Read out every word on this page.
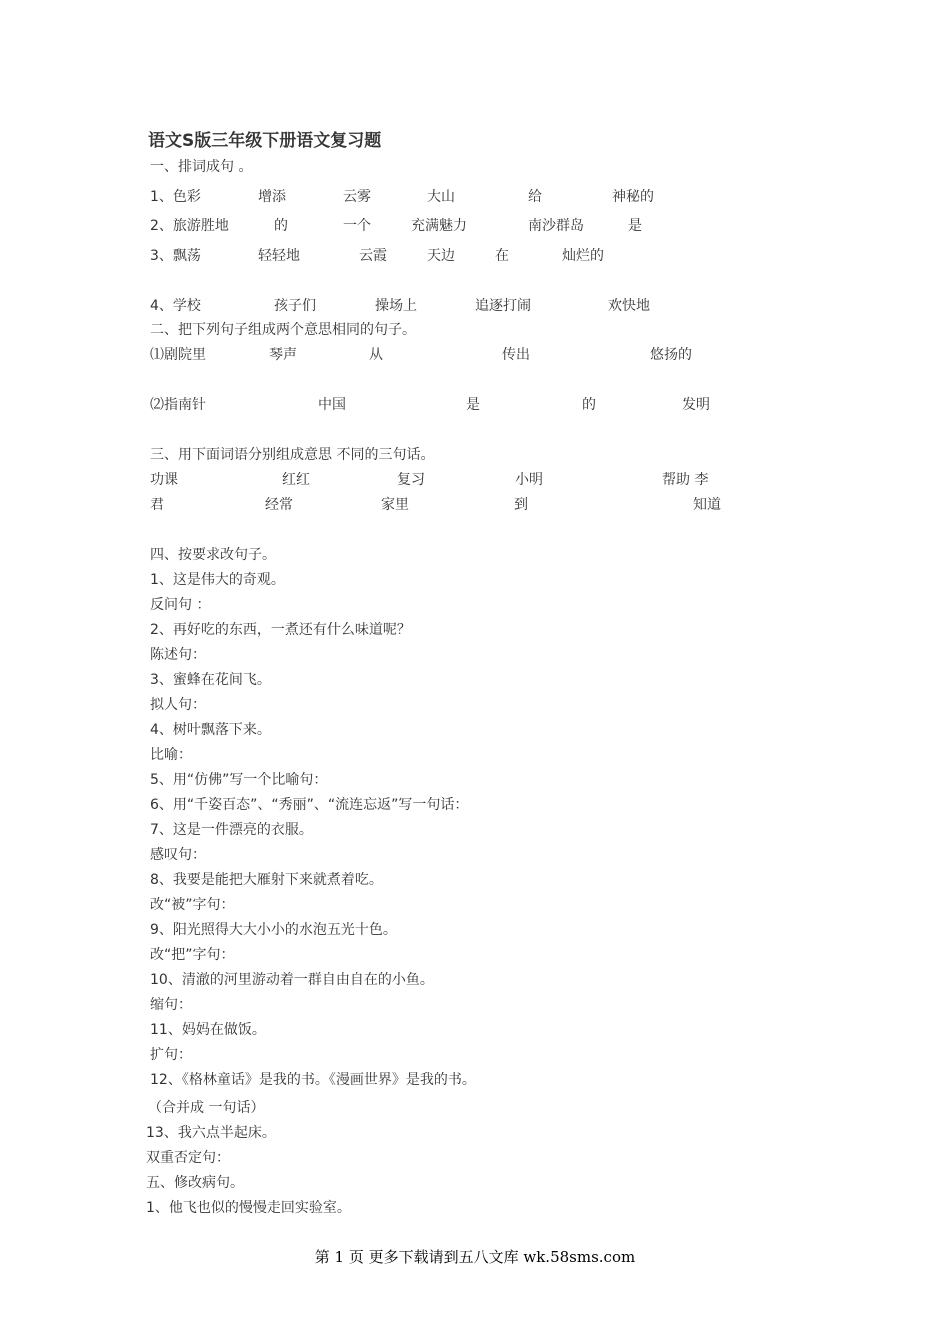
语文S版三年级下册语文复习题
一、排词成句 。
1、色彩	增添	云雾	大山	给	神秘的
2、旅游胜地	的	一个	充满魅力	南沙群岛	是
3、飘荡	轻轻地	云霞	天边	在	灿烂的
4、学校	孩子们	操场上	追逐打闹	欢快地
二、把下列句子组成两个意思相同的句子。
⑴剧院里	琴声	从	传出	悠扬的
⑵指南针	中国	是	的	发明
三、用下面词语分别组成意思 不同的三句话。
功课	红红	复习	小明	帮助 李
君	经常	家里	到	知道
四、按要求改句子。
1、这是伟大的奇观。
反问句 ：
2、再好吃的东西，一煮还有什么味道呢？
陈述句：
3、蜜蜂在花间飞。
拟人句：
4、树叶飘落下来。
比喻：
5、用“仿佛”写一个比喻句：
6、用“千姿百态”、“秀丽”、“流连忘返”写一句话：
7、这是一件漂亮的衣服。
感叹句：
8、我要是能把大雁射下来就煮着吃。
改“被”字句：
9、阳光照得大大小小的水泡五光十色。
改“把”字句：
10、清澈的河里游动着一群自由自在的小鱼。
缩句：
11、妈妈在做饭。
扩句：
12、《格林童话》是我的书。《漫画世界》是我的书。
（合并成 一句话）
13、我六点半起床。
双重否定句：
五、修改病句。
1、他飞也似的慢慢走回实验室。
第 1 页 更多下载请到五八文库 wk.58sms.com
